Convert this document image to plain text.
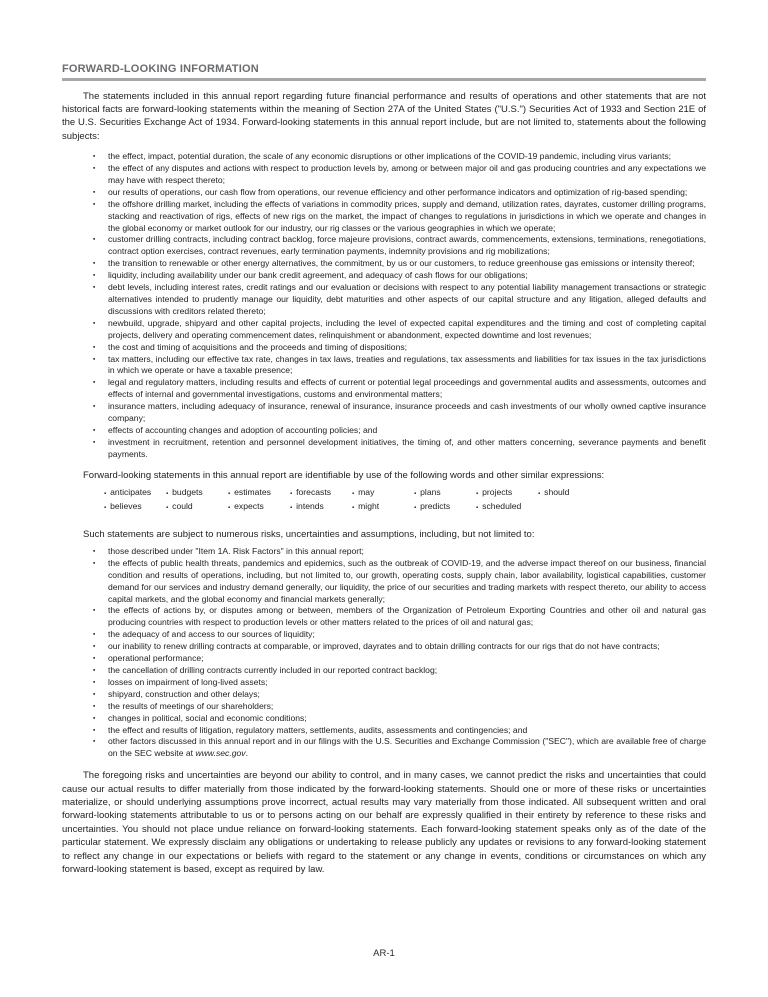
FORWARD-LOOKING INFORMATION

The statements included in this annual report regarding future financial performance and results of operations and other statements that are not historical facts are forward-looking statements within the meaning of Section 27A of the United States ("U.S.") Securities Act of 1933 and Section 21E of the U.S. Securities Exchange Act of 1934. Forward-looking statements in this annual report include, but are not limited to, statements about the following subjects:

▪	the effect, impact, potential duration, the scale of any economic disruptions or other implications of the COVID-19 pandemic, including virus variants;
▪	the effect of any disputes and actions with respect to production levels by, among or between major oil and gas producing countries and any expectations we may have with respect thereto;
▪	our results of operations, our cash flow from operations, our revenue efficiency and other performance indicators and optimization of rig-based spending;
▪	the offshore drilling market, including the effects of variations in commodity prices, supply and demand, utilization rates, dayrates, customer drilling programs, stacking and reactivation of rigs, effects of new rigs on the market, the impact of changes to regulations in jurisdictions in which we operate and changes in the global economy or market outlook for our industry, our rig classes or the various geographies in which we operate;
▪	customer drilling contracts, including contract backlog, force majeure provisions, contract awards, commencements, extensions, terminations, renegotiations, contract option exercises, contract revenues, early termination payments, indemnity provisions and rig mobilizations;
▪	the transition to renewable or other energy alternatives, the commitment, by us or our customers, to reduce greenhouse gas emissions or intensity thereof;
▪	liquidity, including availability under our bank credit agreement, and adequacy of cash flows for our obligations;
▪	debt levels, including interest rates, credit ratings and our evaluation or decisions with respect to any potential liability management transactions or strategic alternatives intended to prudently manage our liquidity, debt maturities and other aspects of our capital structure and any litigation, alleged defaults and discussions with creditors related thereto;
▪	newbuild, upgrade, shipyard and other capital projects, including the level of expected capital expenditures and the timing and cost of completing capital projects, delivery and operating commencement dates, relinquishment or abandonment, expected downtime and lost revenues;
▪	the cost and timing of acquisitions and the proceeds and timing of dispositions;
▪	tax matters, including our effective tax rate, changes in tax laws, treaties and regulations, tax assessments and liabilities for tax issues in the tax jurisdictions in which we operate or have a taxable presence;
▪	legal and regulatory matters, including results and effects of current or potential legal proceedings and governmental audits and assessments, outcomes and effects of internal and governmental investigations, customs and environmental matters;
▪	insurance matters, including adequacy of insurance, renewal of insurance, insurance proceeds and cash investments of our wholly owned captive insurance company;
▪	effects of accounting changes and adoption of accounting policies; and
▪	investment in recruitment, retention and personnel development initiatives, the timing of, and other matters concerning, severance payments and benefit payments.

Forward-looking statements in this annual report are identifiable by use of the following words and other similar expressions:

▪ anticipates ▪ budgets	▪ estimates	▪ forecasts	▪ may	▪ plans	▪ projects	▪ should
▪ believes	▪ could	▪ expects	▪ intends	▪ might	▪ predicts	▪ scheduled

Such statements are subject to numerous risks, uncertainties and assumptions, including, but not limited to:

▪	those described under "Item 1A. Risk Factors" in this annual report;
▪	the effects of public health threats, pandemics and epidemics, such as the outbreak of COVID-19, and the adverse impact thereof on our business, financial condition and results of operations, including, but not limited to, our growth, operating costs, supply chain, labor availability, logistical capabilities, customer demand for our services and industry demand generally, our liquidity, the price of our securities and trading markets with respect thereto, our ability to access capital markets, and the global economy and financial markets generally;
▪	the effects of actions by, or disputes among or between, members of the Organization of Petroleum Exporting Countries and other oil and natural gas producing countries with respect to production levels or other matters related to the prices of oil and natural gas;
▪	the adequacy of and access to our sources of liquidity;
▪	our inability to renew drilling contracts at comparable, or improved, dayrates and to obtain drilling contracts for our rigs that do not have contracts;
▪	operational performance;
▪	the cancellation of drilling contracts currently included in our reported contract backlog;
▪	losses on impairment of long-lived assets;
▪	shipyard, construction and other delays;
▪	the results of meetings of our shareholders;
▪	changes in political, social and economic conditions;
▪	the effect and results of litigation, regulatory matters, settlements, audits, assessments and contingencies; and
▪	other factors discussed in this annual report and in our filings with the U.S. Securities and Exchange Commission ("SEC"), which are available free of charge on the SEC website at www.sec.gov.

The foregoing risks and uncertainties are beyond our ability to control, and in many cases, we cannot predict the risks and uncertainties that could cause our actual results to differ materially from those indicated by the forward-looking statements. Should one or more of these risks or uncertainties materialize, or should underlying assumptions prove incorrect, actual results may vary materially from those indicated. All subsequent written and oral forward-looking statements attributable to us or to persons acting on our behalf are expressly qualified in their entirety by reference to these risks and uncertainties. You should not place undue reliance on forward-looking statements. Each forward-looking statement speaks only as of the date of the particular statement. We expressly disclaim any obligations or undertaking to release publicly any updates or revisions to any forward-looking statement to reflect any change in our expectations or beliefs with regard to the statement or any change in events, conditions or circumstances on which any forward-looking statement is based, except as required by law.

AR-1
